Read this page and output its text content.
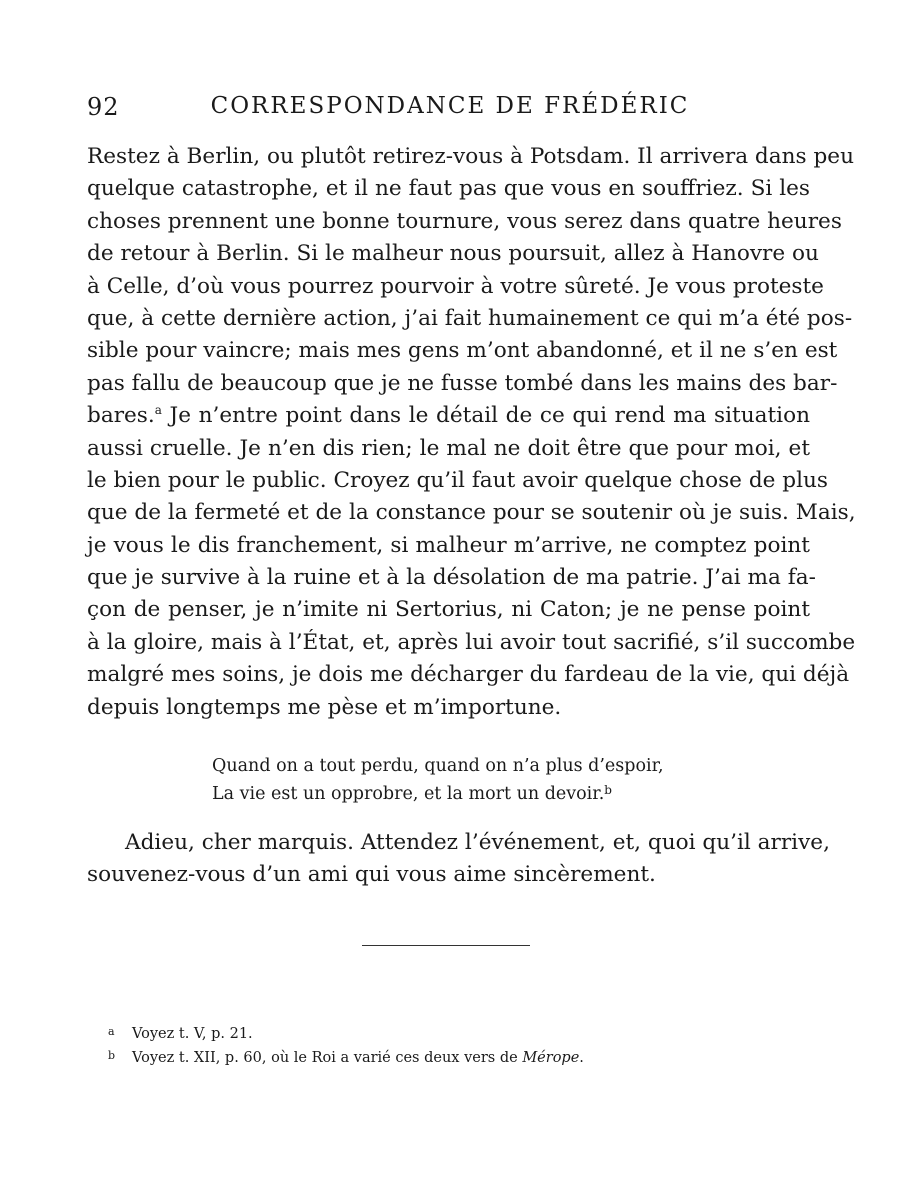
92	CORRESPONDANCE DE FRÉDÉRIC
Restez à Berlin, ou plutôt retirez-vous à Potsdam. Il arrivera dans peu
quelque catastrophe, et il ne faut pas que vous en souffriez. Si les
choses prennent une bonne tournure, vous serez dans quatre heures
de retour à Berlin. Si le malheur nous poursuit, allez à Hanovre ou
à Celle, d’où vous pourrez pourvoir à votre sûreté. Je vous proteste
que, à cette dernière action, j’ai fait humainement ce qui m’a été pos-
sible pour vaincre; mais mes gens m’ont abandonné, et il ne s’en est
pas fallu de beaucoup que je ne fusse tombé dans les mains des bar-
bares.$^a$ Je n’entre point dans le détail de ce qui rend ma situation
aussi cruelle. Je n’en dis rien; le mal ne doit être que pour moi, et
le bien pour le public. Croyez qu’il faut avoir quelque chose de plus
que de la fermeté et de la constance pour se soutenir où je suis. Mais,
je vous le dis franchement, si malheur m’arrive, ne comptez point
que je survive à la ruine et à la désolation de ma patrie. J’ai ma fa-
çon de penser, je n’imite ni Sertorius, ni Caton; je ne pense point
à la gloire, mais à l’État, et, après lui avoir tout sacrifié, s’il succombe
malgré mes soins, je dois me décharger du fardeau de la vie, qui déjà
depuis longtemps me pèse et m’importune.
Quand on a tout perdu, quand on n’a plus d’espoir,
La vie est un opprobre, et la mort un devoir.$^b$
Adieu, cher marquis. Attendez l’événement, et, quoi qu’il arrive,
souvenez-vous d’un ami qui vous aime sincèrement.
a Voyez t. V, p. 21.
b Voyez t. XII, p. 60, où le Roi a varié ces deux vers de Mérope.
